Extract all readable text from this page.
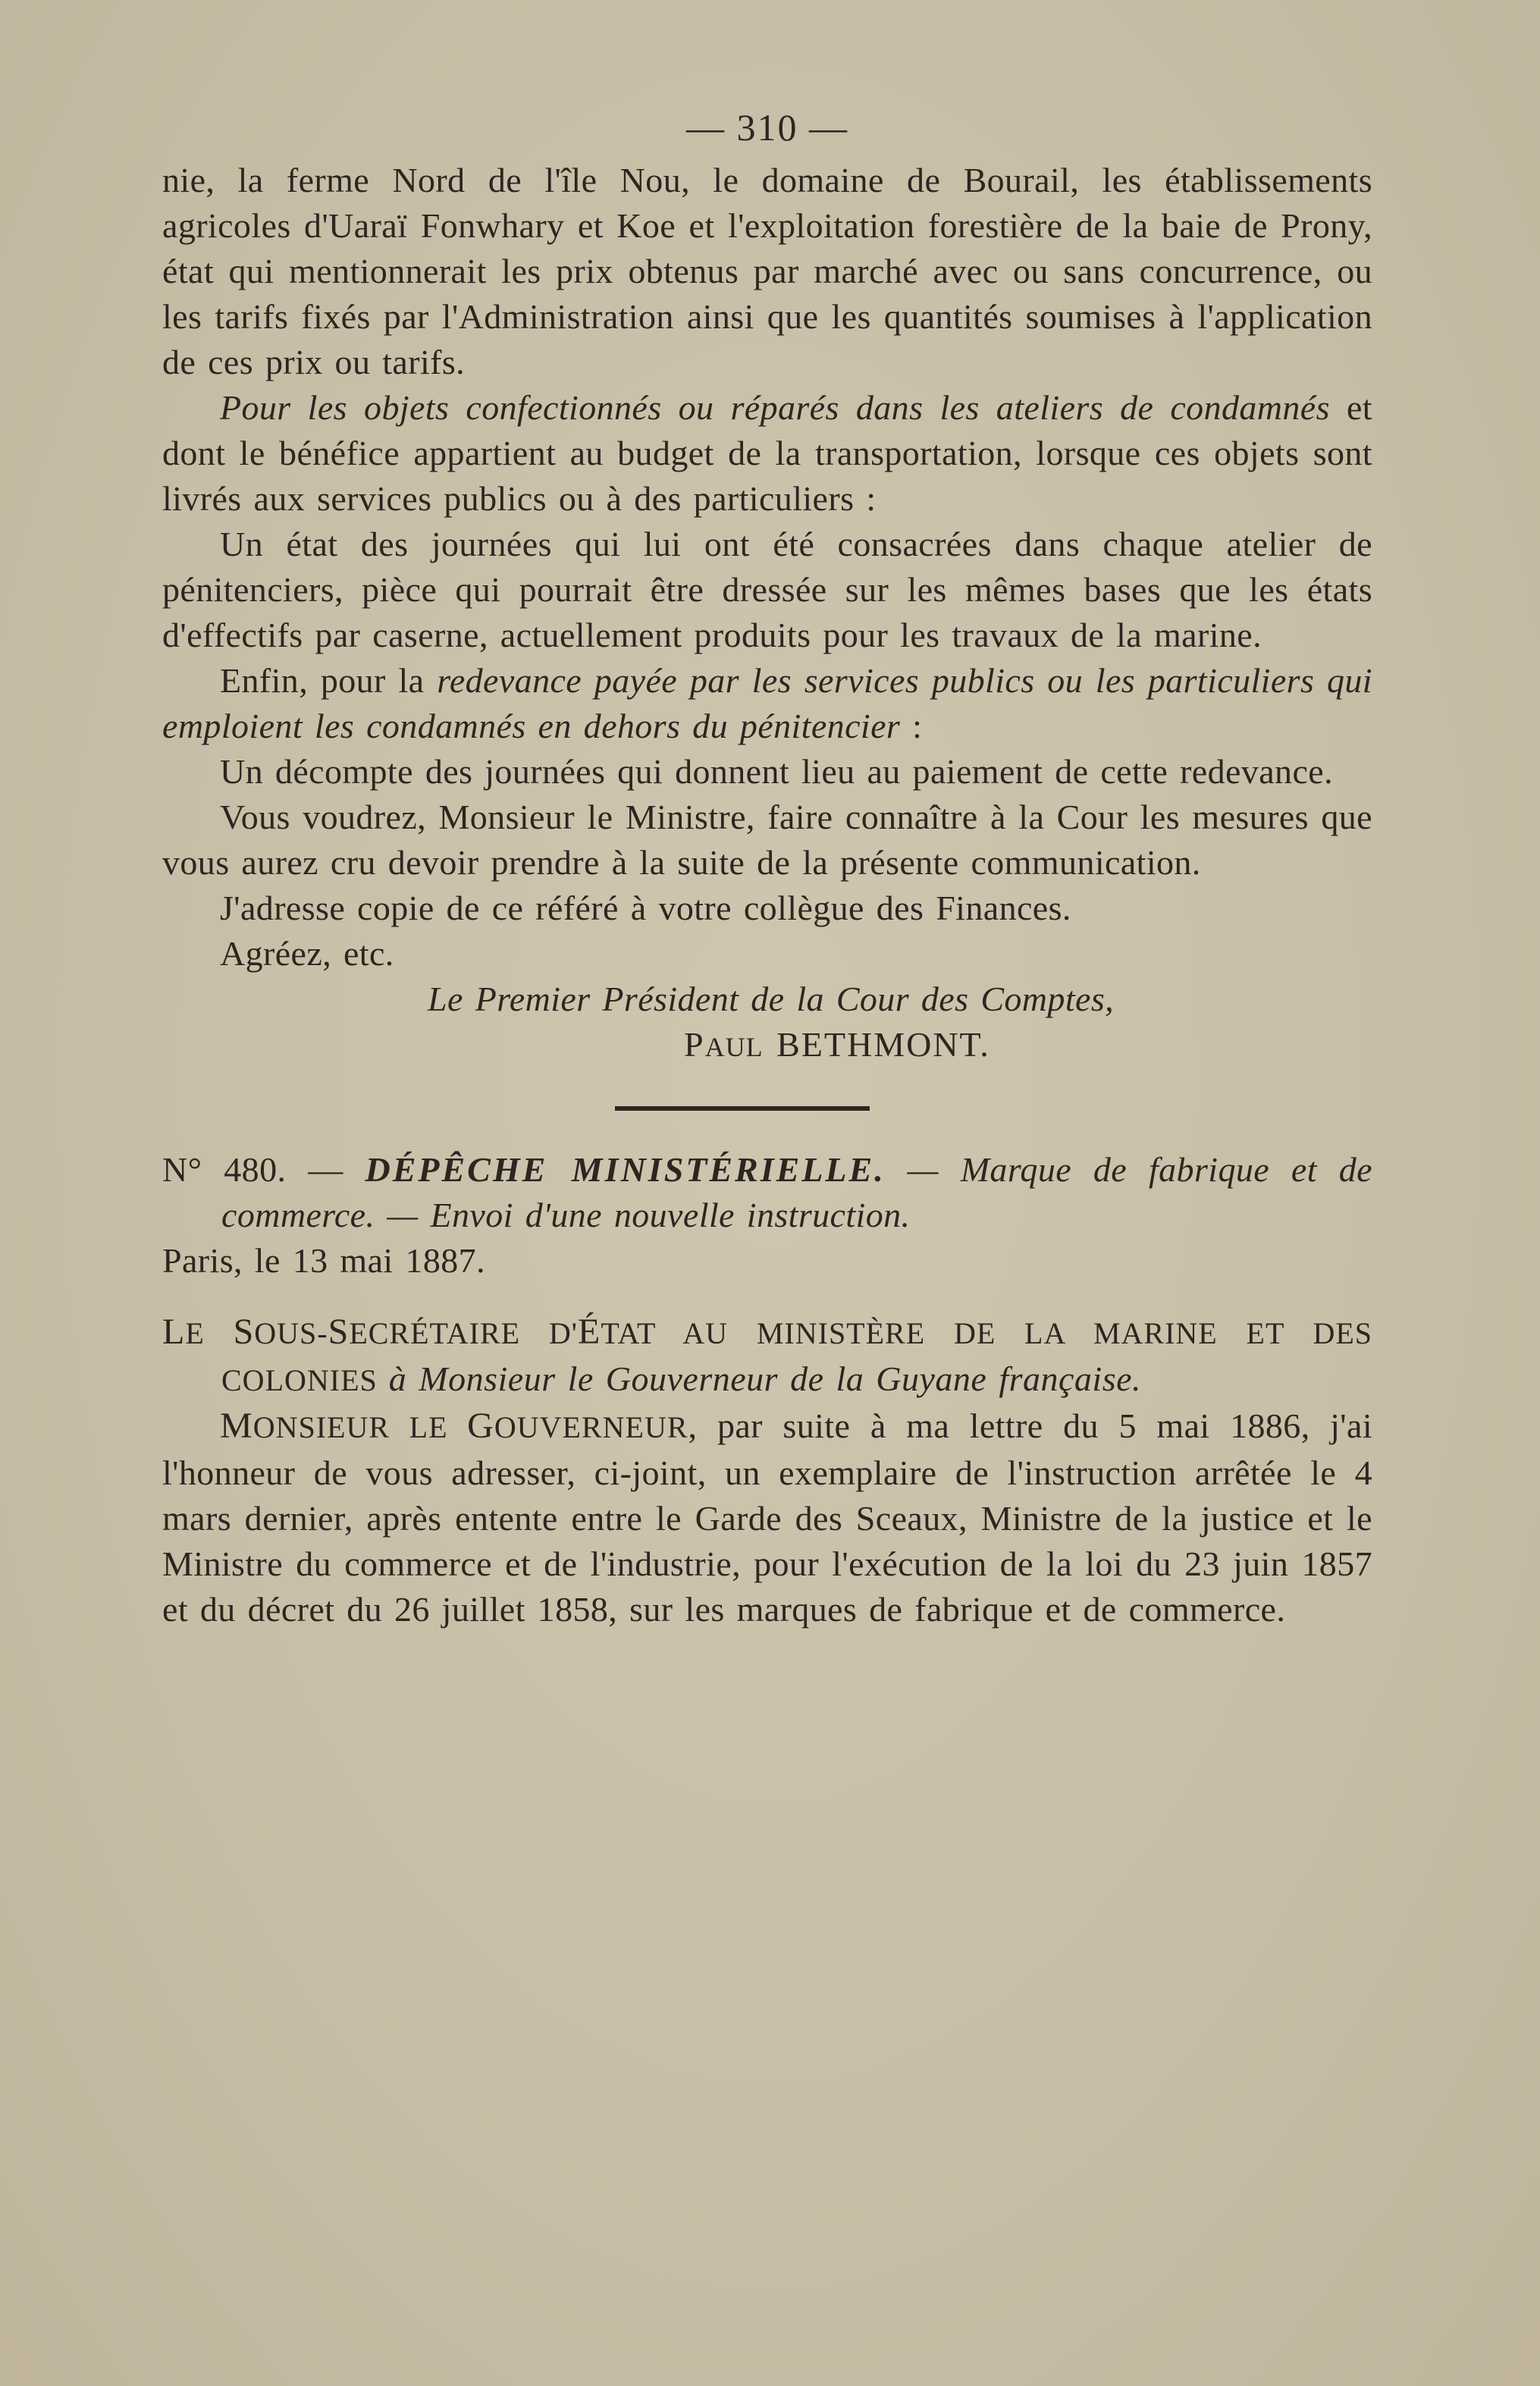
— 310 —

nie, la ferme Nord de l'île Nou, le domaine de Bourail, les établissements agricoles d'Uaraï Fonwhary et Koe et l'exploitation forestière de la baie de Prony, état qui mentionnerait les prix obtenus par marché avec ou sans concurrence, ou les tarifs fixés par l'Administration ainsi que les quantités soumises à l'application de ces prix ou tarifs.

Pour les objets confectionnés ou réparés dans les ateliers de condamnés et dont le bénéfice appartient au budget de la transportation, lorsque ces objets sont livrés aux services publics ou à des particuliers :

Un état des journées qui lui ont été consacrées dans chaque atelier de pénitenciers, pièce qui pourrait être dressée sur les mêmes bases que les états d'effectifs par caserne, actuellement produits pour les travaux de la marine.

Enfin, pour la redevance payée par les services publics ou les particuliers qui emploient les condamnés en dehors du pénitencier :

Un décompte des journées qui donnent lieu au paiement de cette redevance.

Vous voudrez, Monsieur le Ministre, faire connaître à la Cour les mesures que vous aurez cru devoir prendre à la suite de la présente communication.

J'adresse copie de ce référé à votre collègue des Finances.

Agréez, etc.

Le Premier Président de la Cour des Comptes,

PAUL BETHMONT.

N° 480. — DÉPÊCHE MINISTÉRIELLE. — Marque de fabrique et de commerce. — Envoi d'une nouvelle instruction.

Paris, le 13 mai 1887.

LE SOUS-SECRÉTAIRE D'ÉTAT AU MINISTÈRE DE LA MARINE ET DES COLONIES à Monsieur le Gouverneur de la Guyane française.

MONSIEUR LE GOUVERNEUR, par suite à ma lettre du 5 mai 1886, j'ai l'honneur de vous adresser, ci-joint, un exemplaire de l'instruction arrêtée le 4 mars dernier, après entente entre le Garde des Sceaux, Ministre de la justice et le Ministre du commerce et de l'industrie, pour l'exécution de la loi du 23 juin 1857 et du décret du 26 juillet 1858, sur les marques de fabrique et de commerce.
